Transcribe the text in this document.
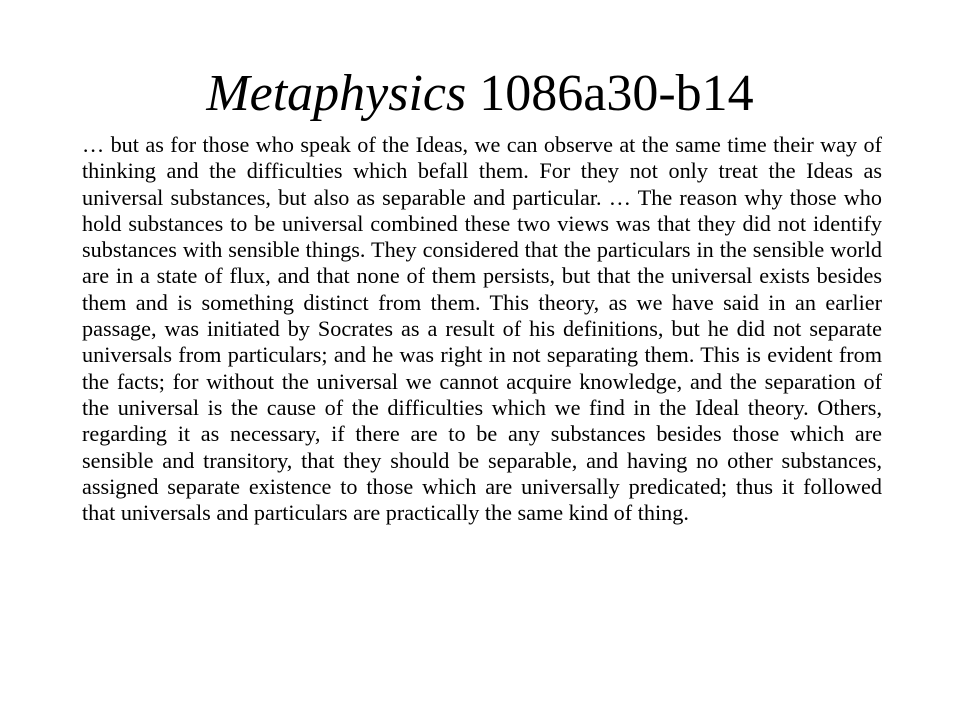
Metaphysics 1086a30-b14

… but as for those who speak of the Ideas, we can observe at the same time their way of thinking and the difficulties which befall them. For they not only treat the Ideas as universal substances, but also as separable and particular. … The reason why those who hold substances to be universal combined these two views was that they did not identify substances with sensible things. They considered that the particulars in the sensible world are in a state of flux, and that none of them persists, but that the universal exists besides them and is something distinct from them. This theory, as we have said in an earlier passage, was initiated by Socrates as a result of his definitions, but he did not separate universals from particulars; and he was right in not separating them. This is evident from the facts; for without the universal we cannot acquire knowledge, and the separation of the universal is the cause of the difficulties which we find in the Ideal theory. Others, regarding it as necessary, if there are to be any substances besides those which are sensible and transitory, that they should be separable, and having no other substances, assigned separate existence to those which are universally predicated; thus it followed that universals and particulars are practically the same kind of thing.
